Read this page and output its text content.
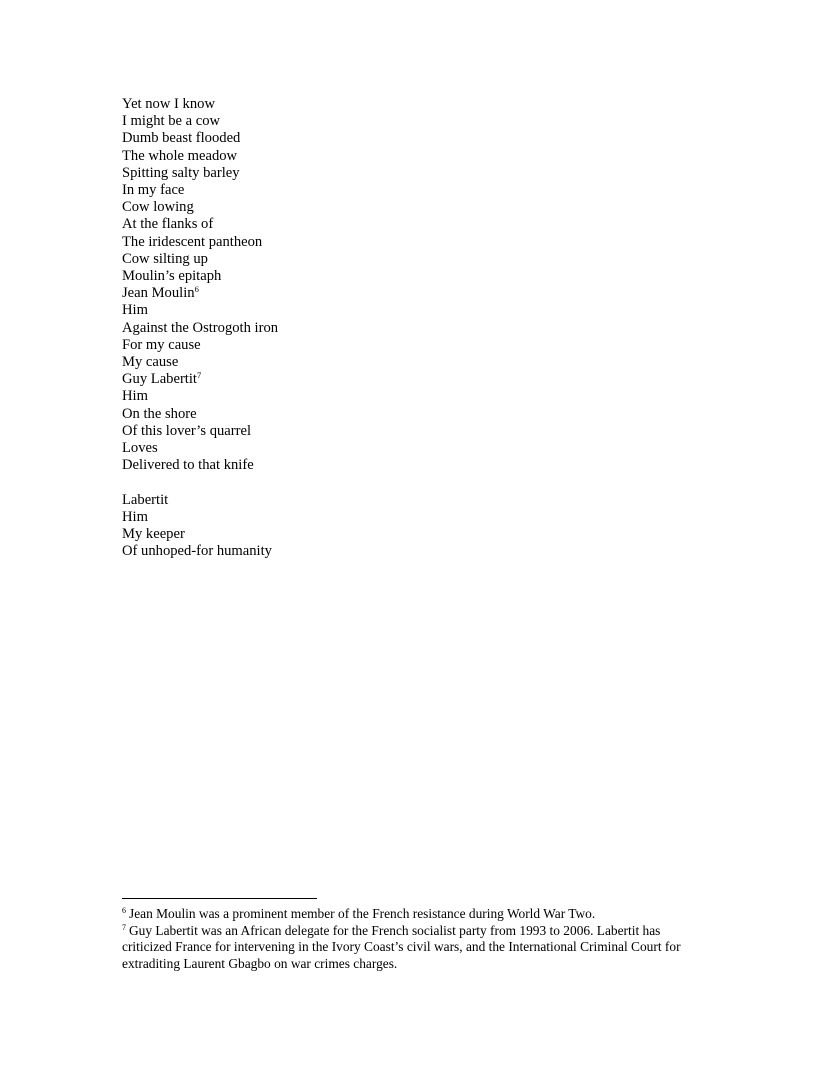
Yet now I know
I might be a cow
Dumb beast flooded
The whole meadow
Spitting salty barley
In my face
Cow lowing
At the flanks of
The iridescent pantheon
Cow silting up
Moulin’s epitaph
Jean Moulin$^6$
Him
Against the Ostrogoth iron
For my cause
My cause
Guy Labertit$^7$
Him
On the shore
Of this lover’s quarrel
Loves
Delivered to that knife
Labertit
Him
My keeper
Of unhoped-for humanity

$^6$ Jean Moulin was a prominent member of the French resistance during World War Two.

$^7$ Guy Labertit was an African delegate for the French socialist party from 1993 to 2006. Labertit has criticized France for intervening in the Ivory Coast’s civil wars, and the International Criminal Court for extraditing Laurent Gbagbo on war crimes charges.
